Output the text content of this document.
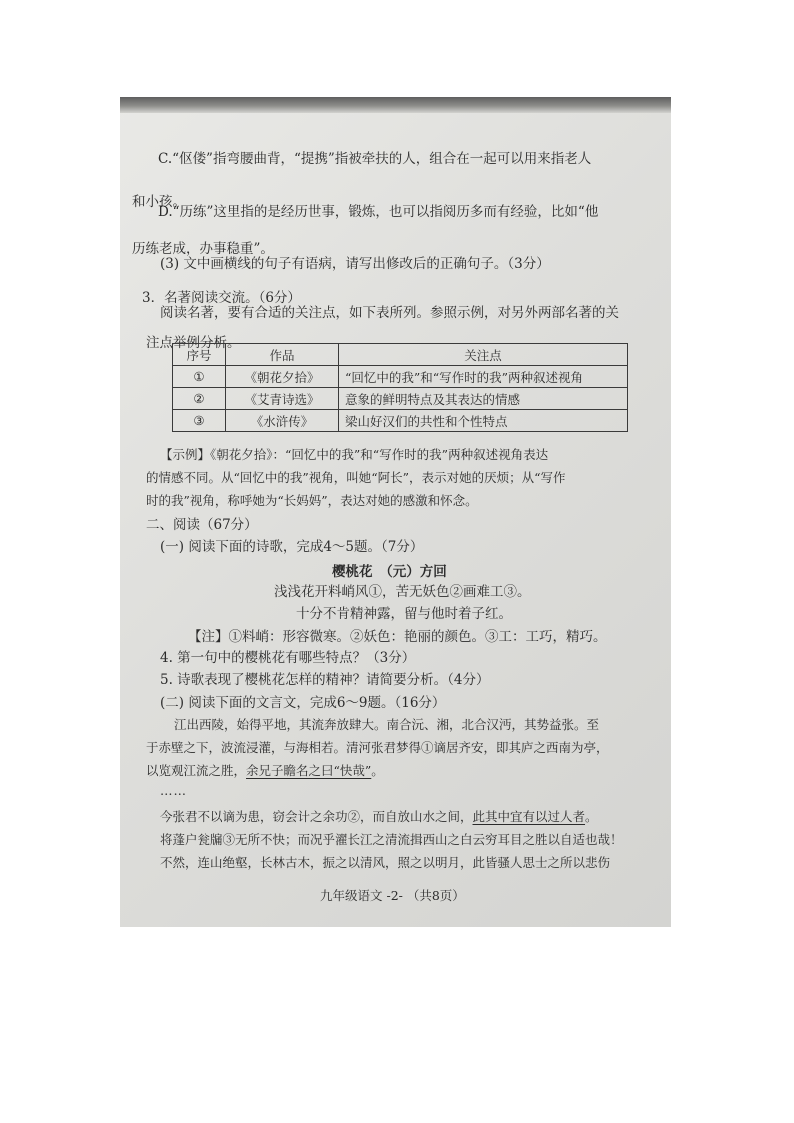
C.“伛偻”指弯腰曲背，“提携”指被牵扶的人，组合在一起可以用来指老人
和小孩。
D.“历练”这里指的是经历世事，锻炼，也可以指阅历多而有经验，比如“他
历练老成，办事稳重”。
(3) 文中画横线的句子有语病，请写出修改后的正确句子。（3分）
3．名著阅读交流。（6分）
阅读名著，要有合适的关注点，如下表所列。参照示例，对另外两部名著的关
注点举例分析。
序号	作品	关注点
①	《朝花夕拾》	“回忆中的我”和“写作时的我”两种叙述视角
②	《艾青诗选》	意象的鲜明特点及其表达的情感
③	《水浒传》	梁山好汉们的共性和个性特点
【示例】《朝花夕拾》：“回忆中的我”和“写作时的我”两种叙述视角表达
的情感不同。从“回忆中的我”视角，叫她“阿长”，表示对她的厌烦；从“写作
时的我”视角，称呼她为“长妈妈”，表达对她的感激和怀念。
二、阅读（67分）
(一) 阅读下面的诗歌，完成4～5题。（7分）
樱桃花　（元）方回
浅浅花开料峭风①，苦无妖色②画难工③。
十分不肯精神露，留与他时着子红。
【注】①料峭：形容微寒。②妖色：艳丽的颜色。③工：工巧，精巧。
4. 第一句中的樱桃花有哪些特点？（3分）
5. 诗歌表现了樱桃花怎样的精神？请简要分析。（4分）
(二) 阅读下面的文言文，完成6～9题。（16分）
江出西陵，始得平地，其流奔放肆大。南合沅、湘，北合汉沔，其势益张。至
于赤壁之下，波流浸灌，与海相若。清河张君梦得①谪居齐安，即其庐之西南为亭，
以览观江流之胜，余兄子瞻名之曰“快哉”。
……
今张君不以谪为患，窃会计之余功②，而自放山水之间，此其中宜有以过人者。
将蓬户瓮牖③无所不快；而况乎濯长江之清流揖西山之白云穷耳目之胜以自适也哉！
不然，连山绝壑，长林古木，振之以清风，照之以明月，此皆骚人思士之所以悲伤
九年级语文 -2- （共8页）
